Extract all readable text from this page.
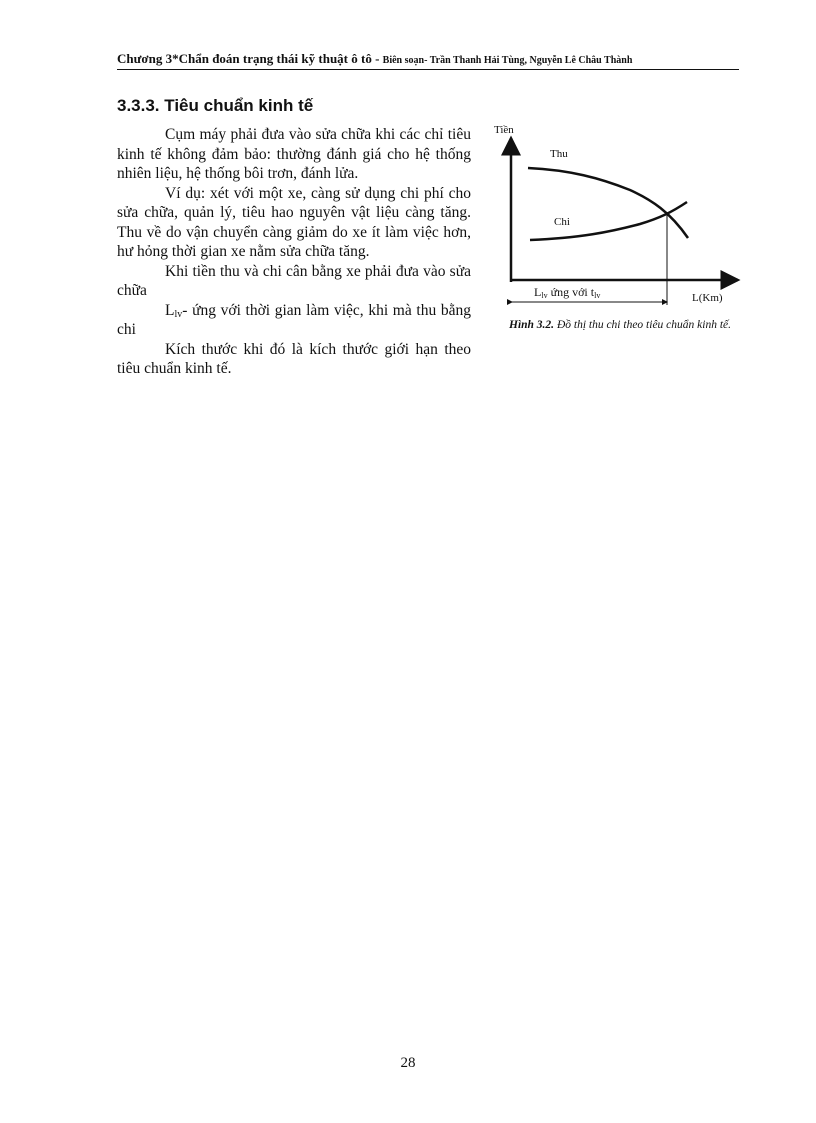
Chương 3*Chẩn đoán trạng thái kỹ thuật ô tô - Biên soạn- Trần Thanh Hải Tùng, Nguyễn Lê Châu Thành
3.3.3. Tiêu chuẩn kinh tế

Cụm máy phải đưa vào sửa chữa khi các chỉ tiêu kinh tế không đảm bảo: thường đánh giá cho hệ thống nhiên liệu, hệ thống bôi trơn, đánh lửa.

Ví dụ: xét với một xe, càng sử dụng chi phí cho sửa chữa, quản lý, tiêu hao nguyên vật liệu càng tăng. Thu về do vận chuyển càng giảm do xe ít làm việc hơn, hư hỏng thời gian xe nằm sửa chữa tăng.

Khi tiền thu và chi cân bằng xe phải đưa vào sửa chữa

$L_{lv}-$ ứng với thời gian làm việc, khi mà thu bằng chi

Kích thước khi đó là kích thước giới hạn theo tiêu chuẩn kinh tế.

Tiền
Thu
Chi
L(Km)
$L_{lv}$ ứng với $t_{lv}$
Hình 3.2. Đồ thị thu chi theo tiêu chuẩn kinh tế.
28
